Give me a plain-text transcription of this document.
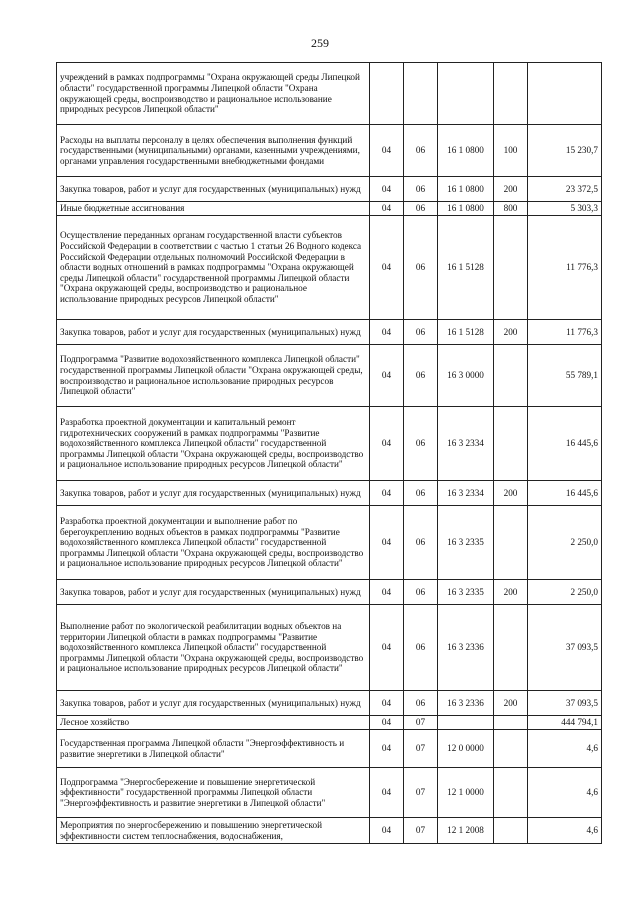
259
учреждений в рамках подпрограммы "Охрана окружающей среды Липецкой области" государственной программы Липецкой области "Охрана окружающей среды, воспроизводство и рациональное использование природных ресурсов Липецкой области"					
Расходы на выплаты персоналу в целях обеспечения выполнения функций государственными (муниципальными) органами, казенными учреждениями, органами управления государственными внебюджетными фондами	04	06	16 1 0800	100	15 230,7
Закупка товаров, работ и услуг для государственных (муниципальных) нужд	04	06	16 1 0800	200	23 372,5
Иные бюджетные ассигнования	04	06	16 1 0800	800	5 303,3
Осуществление переданных органам государственной власти субъектов Российской Федерации в соответствии с частью 1 статьи 26 Водного кодекса Российской Федерации отдельных полномочий Российской Федерации в области водных отношений в рамках подпрограммы "Охрана окружающей среды Липецкой области" государственной программы Липецкой области "Охрана окружающей среды, воспроизводство и рациональное использование природных ресурсов Липецкой области"	04	06	16 1 5128		11 776,3
Закупка товаров, работ и услуг для государственных (муниципальных) нужд	04	06	16 1 5128	200	11 776,3
Подпрограмма "Развитие водохозяйственного комплекса Липецкой области" государственной программы Липецкой области "Охрана окружающей среды, воспроизводство и рациональное использование природных ресурсов Липецкой области"	04	06	16 3 0000		55 789,1
Разработка проектной документации и капитальный ремонт гидротехнических сооружений в рамках подпрограммы "Развитие водохозяйственного комплекса Липецкой области" государственной программы Липецкой области "Охрана окружающей среды, воспроизводство и рациональное использование природных ресурсов Липецкой области"	04	06	16 3 2334		16 445,6
Закупка товаров, работ и услуг для государственных (муниципальных) нужд	04	06	16 3 2334	200	16 445,6
Разработка проектной документации и выполнение работ по берегоукреплению водных объектов в рамках подпрограммы "Развитие водохозяйственного комплекса Липецкой области" государственной программы Липецкой области "Охрана окружающей среды, воспроизводство и рациональное использование природных ресурсов Липецкой области"	04	06	16 3 2335		2 250,0
Закупка товаров, работ и услуг для государственных (муниципальных) нужд	04	06	16 3 2335	200	2 250,0
Выполнение работ по экологической реабилитации водных объектов на территории Липецкой области в рамках подпрограммы "Развитие водохозяйственного комплекса Липецкой области" государственной программы Липецкой области "Охрана окружающей среды, воспроизводство и рациональное использование природных ресурсов Липецкой области"	04	06	16 3 2336		37 093,5
Закупка товаров, работ и услуг для государственных (муниципальных) нужд	04	06	16 3 2336	200	37 093,5
Лесное хозяйство	04	07			444 794,1
Государственная программа Липецкой области "Энергоэффективность и развитие энергетики в Липецкой области"	04	07	12 0 0000		4,6
Подпрограмма "Энергосбережение и повышение энергетической эффективности" государственной программы Липецкой области "Энергоэффективность и развитие энергетики в Липецкой области"	04	07	12 1 0000		4,6
Мероприятия по энергосбережению и повышению энергетической эффективности систем теплоснабжения, водоснабжения,	04	07	12 1 2008		4,6
